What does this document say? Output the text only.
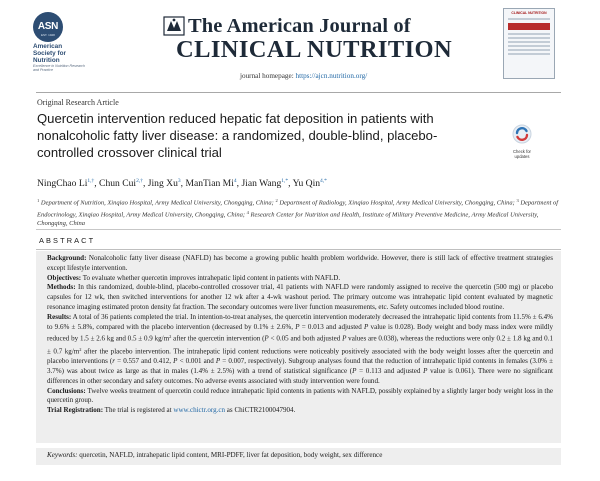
ASN
EST. 1928
American
Society for
Nutrition
Excellence in Nutrition Research and Practice
The American Journal of
CLINICAL NUTRITION
journal homepage: https://ajcn.nutrition.org/
CLINICAL NUTRITION
Original Research Article
Quercetin intervention reduced hepatic fat deposition in patients with nonalcoholic fatty liver disease: a randomized, double-blind, placebo-controlled crossover clinical trial	Check for
updates
NingChao $Li^{1,\dagger}$, Chun Cui$^{2,\dagger}$, Jing Xu$^3$, ManTian Mi$^4$, Jian Wang$^{1,*}$, Yu Qin$^{4,*}$
$^1$ Department of Nutrition, Xinqiao Hospital, Army Medical University, Chongqing, China; $^2$ Department of Radiology, Xinqiao Hospital, Army Medical University, Chongqing, China; $^3$ Department of Endocrinology, Xinqiao Hospital, Army Medical University, Chongqing, China; $^4$ Research Center for Nutrition and Health, Institute of Military Preventive Medicine, Army Medical University, Chongqing, China
ABSTRACT

Background: Nonalcoholic fatty liver disease (NAFLD) has become a growing public health problem worldwide. However, there is still lack of effective treatment strategies except lifestyle intervention.

Objectives: To evaluate whether quercetin improves intrahepatic lipid content in patients with NAFLD.

Methods: In this randomized, double-blind, placebo-controlled crossover trial, 41 patients with NAFLD were randomly assigned to receive the quercetin (500 mg) or placebo capsules for 12 wk, then switched interventions for another 12 wk after a 4-wk washout period. The primary outcome was intrahepatic lipid content evaluated by magnetic resonance imaging estimated proton density fat fraction. The secondary outcomes were liver function measurements, etc. Safety outcomes included blood routine.

Results: A total of 36 patients completed the trial. In intention-to-treat analyses, the quercetin intervention moderately decreased the intrahepatic lipid contents from 11.5% ± 6.4% to 9.6% ± 5.8%, compared with the placebo intervention (decreased by 0.1% ± 2.6%, P = 0.013 and adjusted P value is 0.028). Body weight and body mass index were mildly reduced by 1.5 ± 2.6 kg and 0.5 ± 0.9 $kg/m^2$ after the quercetin intervention (P < 0.05 and both adjusted P values are 0.038), whereas the reductions were only 0.2 ± 1.8 kg and 0.1 ± 0.7 $kg/m^2$ after the placebo intervention. The intrahepatic lipid content reductions were noticeably positively associated with the body weight losses after the quercetin and placebo interventions (r = 0.557 and 0.412, P < 0.001 and P = 0.007, respectively). Subgroup analyses found that the reduction of intrahepatic lipid contents in females (3.0% ± 3.7%) was about twice as large as that in males (1.4% ± 2.5%) with a trend of statistical significance (P = 0.113 and adjusted P value is 0.061). There were no significant differences in other secondary and safety outcomes. No adverse events associated with study intervention were found.

Conclusions: Twelve weeks treatment of quercetin could reduce intrahepatic lipid contents in patients with NAFLD, possibly explained by a slightly larger body weight loss in the quercetin group.

Trial Registration: The trial is registered at www.chictr.org.cn as ChiCTR2100047904.

Keywords: quercetin, NAFLD, intrahepatic lipid content, MRI-PDFF, liver fat deposition, body weight, sex difference
